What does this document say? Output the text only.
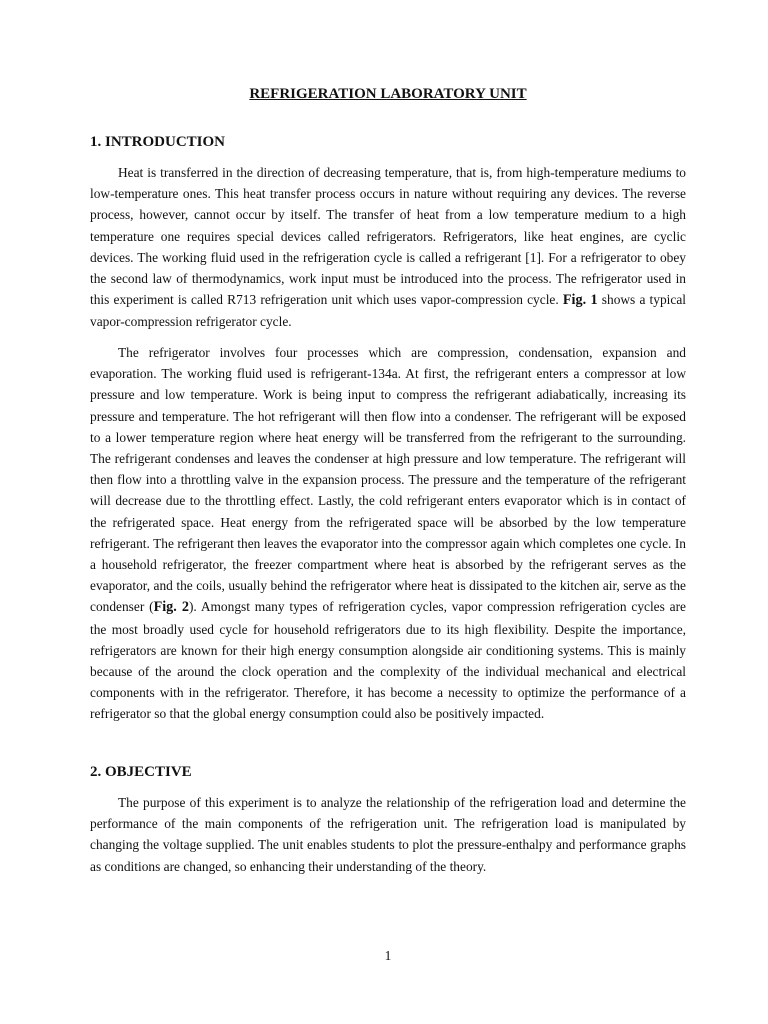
REFRIGERATION LABORATORY UNIT
1. INTRODUCTION

Heat is transferred in the direction of decreasing temperature, that is, from high-temperature mediums to low-temperature ones. This heat transfer process occurs in nature without requiring any devices. The reverse process, however, cannot occur by itself. The transfer of heat from a low temperature medium to a high temperature one requires special devices called refrigerators. Refrigerators, like heat engines, are cyclic devices. The working fluid used in the refrigeration cycle is called a refrigerant [1]. For a refrigerator to obey the second law of thermodynamics, work input must be introduced into the process. The refrigerator used in this experiment is called R713 refrigeration unit which uses vapor-compression cycle. Fig. 1 shows a typical vapor-compression refrigerator cycle.

The refrigerator involves four processes which are compression, condensation, expansion and evaporation. The working fluid used is refrigerant-134a. At first, the refrigerant enters a compressor at low pressure and low temperature. Work is being input to compress the refrigerant adiabatically, increasing its pressure and temperature. The hot refrigerant will then flow into a condenser. The refrigerant will be exposed to a lower temperature region where heat energy will be transferred from the refrigerant to the surrounding. The refrigerant condenses and leaves the condenser at high pressure and low temperature. The refrigerant will then flow into a throttling valve in the expansion process. The pressure and the temperature of the refrigerant will decrease due to the throttling effect. Lastly, the cold refrigerant enters evaporator which is in contact of the refrigerated space. Heat energy from the refrigerated space will be absorbed by the low temperature refrigerant. The refrigerant then leaves the evaporator into the compressor again which completes one cycle. In a household refrigerator, the freezer compartment where heat is absorbed by the refrigerant serves as the evaporator, and the coils, usually behind the refrigerator where heat is dissipated to the kitchen air, serve as the condenser (Fig. 2). Amongst many types of refrigeration cycles, vapor compression refrigeration cycles are the most broadly used cycle for household refrigerators due to its high flexibility. Despite the importance, refrigerators are known for their high energy consumption alongside air conditioning systems. This is mainly because of the around the clock operation and the complexity of the individual mechanical and electrical components with in the refrigerator. Therefore, it has become a necessity to optimize the performance of a refrigerator so that the global energy consumption could also be positively impacted.

2. OBJECTIVE

The purpose of this experiment is to analyze the relationship of the refrigeration load and determine the performance of the main components of the refrigeration unit. The refrigeration load is manipulated by changing the voltage supplied. The unit enables students to plot the pressure-enthalpy and performance graphs as conditions are changed, so enhancing their understanding of the theory.

1
